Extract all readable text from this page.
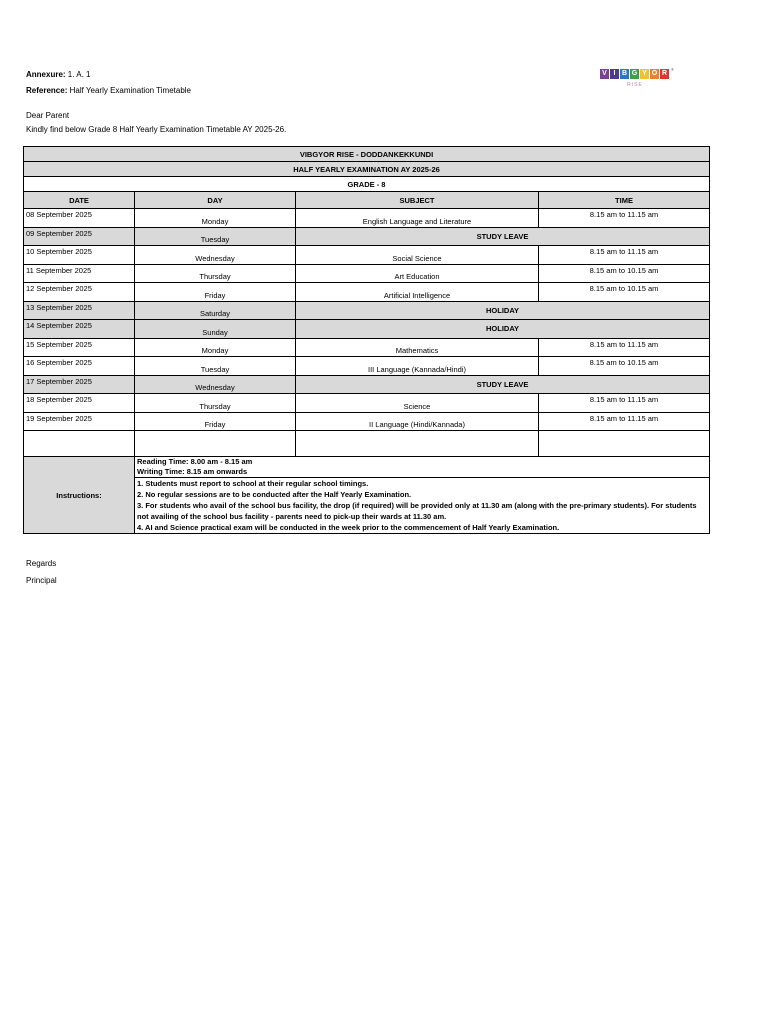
Annexure: 1. A. 1
Reference: Half Yearly Examination Timetable
Dear Parent
Kindly find below Grade 8 Half Yearly Examination Timetable AY 2025-26.
V I B G Y O R
RISE
®
VIBGYOR RISE - DODDANKEKKUNDI			
HALF YEARLY EXAMINATION AY 2025-26			
GRADE - 8			
DATE	DAY	SUBJECT	TIME
08 September 2025	Monday	English Language and Literature	8.15 am to 11.15 am
09 September 2025	Tuesday	STUDY LEAVE	
10 September 2025	Wednesday	Social Science	8.15 am to 11.15 am
11 September 2025	Thursday	Art Education	8.15 am to 10.15 am
12 September 2025	Friday	Artificial Intelligence	8.15 am to 10.15 am
13 September 2025	Saturday	HOLIDAY	
14 September 2025	Sunday	HOLIDAY	
15 September 2025	Monday	Mathematics	8.15 am to 11.15 am
16 September 2025	Tuesday	III Language (Kannada/Hindi)	8.15 am to 10.15 am
17 September 2025	Wednesday	STUDY LEAVE	
18 September 2025	Thursday	Science	8.15 am to 11.15 am
19 September 2025	Friday	II Language (Hindi/Kannada)	8.15 am to 11.15 am

Instructions:	Reading Time: 8.00 am - 8.15 am
Writing Time: 8.15 am onwards		

	1. Students must report to school at their regular school timings.
2. No regular sessions are to be conducted after the Half Yearly Examination.
3. For students who avail of the school bus facility, the drop (if required) will be provided only at 11.30 am (along with the pre-primary students). For students not availing of the school bus facility - parents need to pick-up their wards at 11.30 am.
4. AI and Science practical exam will be conducted in the week prior to the commencement of Half Yearly Examination.		
Regards
Principal
